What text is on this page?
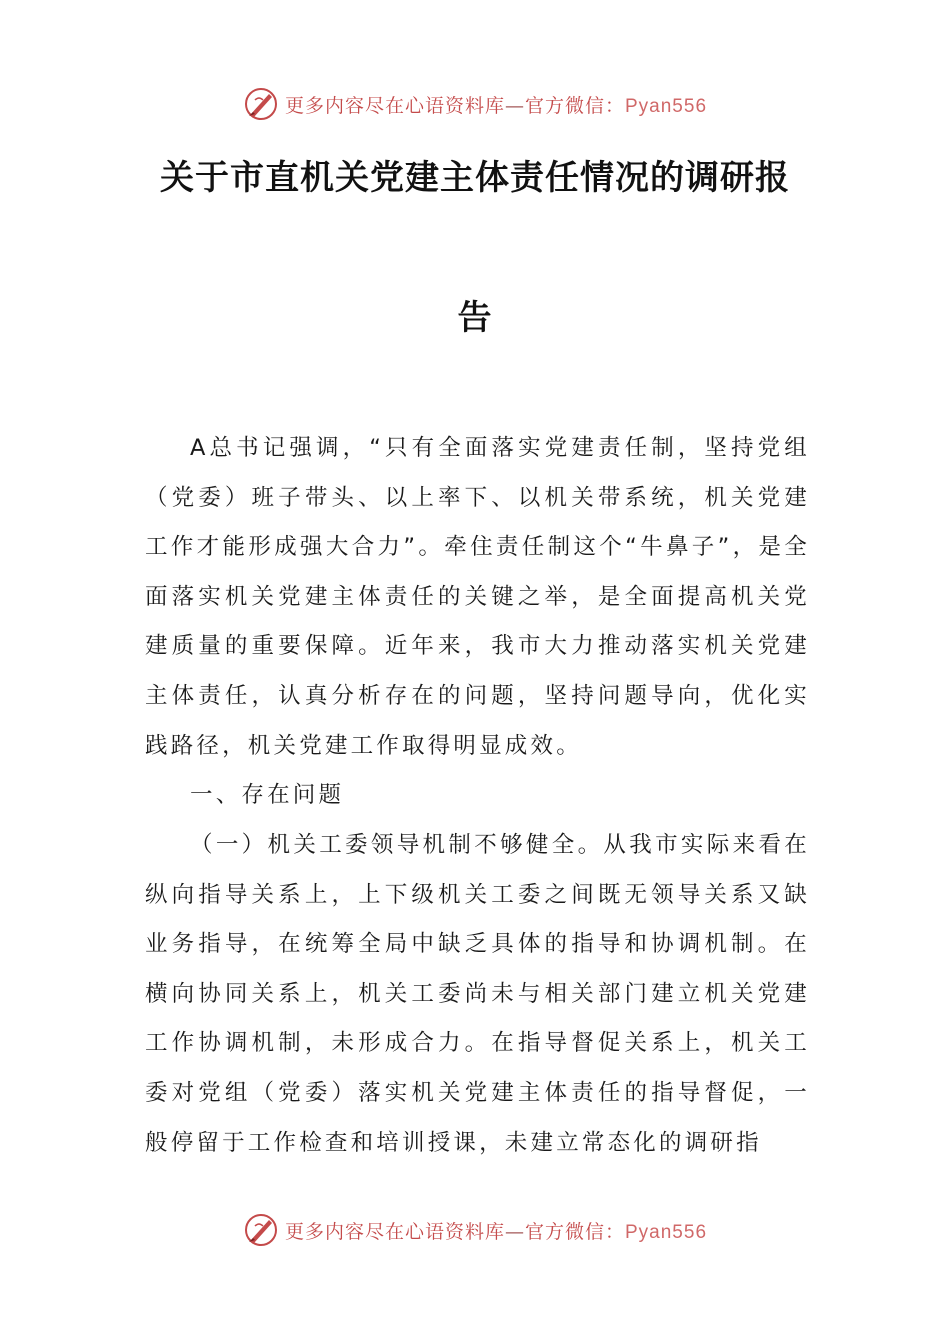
更多内容尽在心语资料库—官方微信：Pyan556
关于市直机关党建主体责任情况的调研报
告

A总书记强调，“只有全面落实党建责任制，坚持党组（党委）班子带头、以上率下、以机关带系统，机关党建工作才能形成强大合力”。牵住责任制这个“牛鼻子”，是全面落实机关党建主体责任的关键之举，是全面提高机关党建质量的重要保障。近年来，我市大力推动落实机关党建主体责任，认真分析存在的问题，坚持问题导向，优化实践路径，机关党建工作取得明显成效。

一、存在问题

（一）机关工委领导机制不够健全。从我市实际来看在纵向指导关系上，上下级机关工委之间既无领导关系又缺业务指导，在统筹全局中缺乏具体的指导和协调机制。在横向协同关系上，机关工委尚未与相关部门建立机关党建工作协调机制，未形成合力。在指导督促关系上，机关工委对党组（党委）落实机关党建主体责任的指导督促，一般停留于工作检查和培训授课，未建立常态化的调研指

更多内容尽在心语资料库—官方微信：Pyan556
